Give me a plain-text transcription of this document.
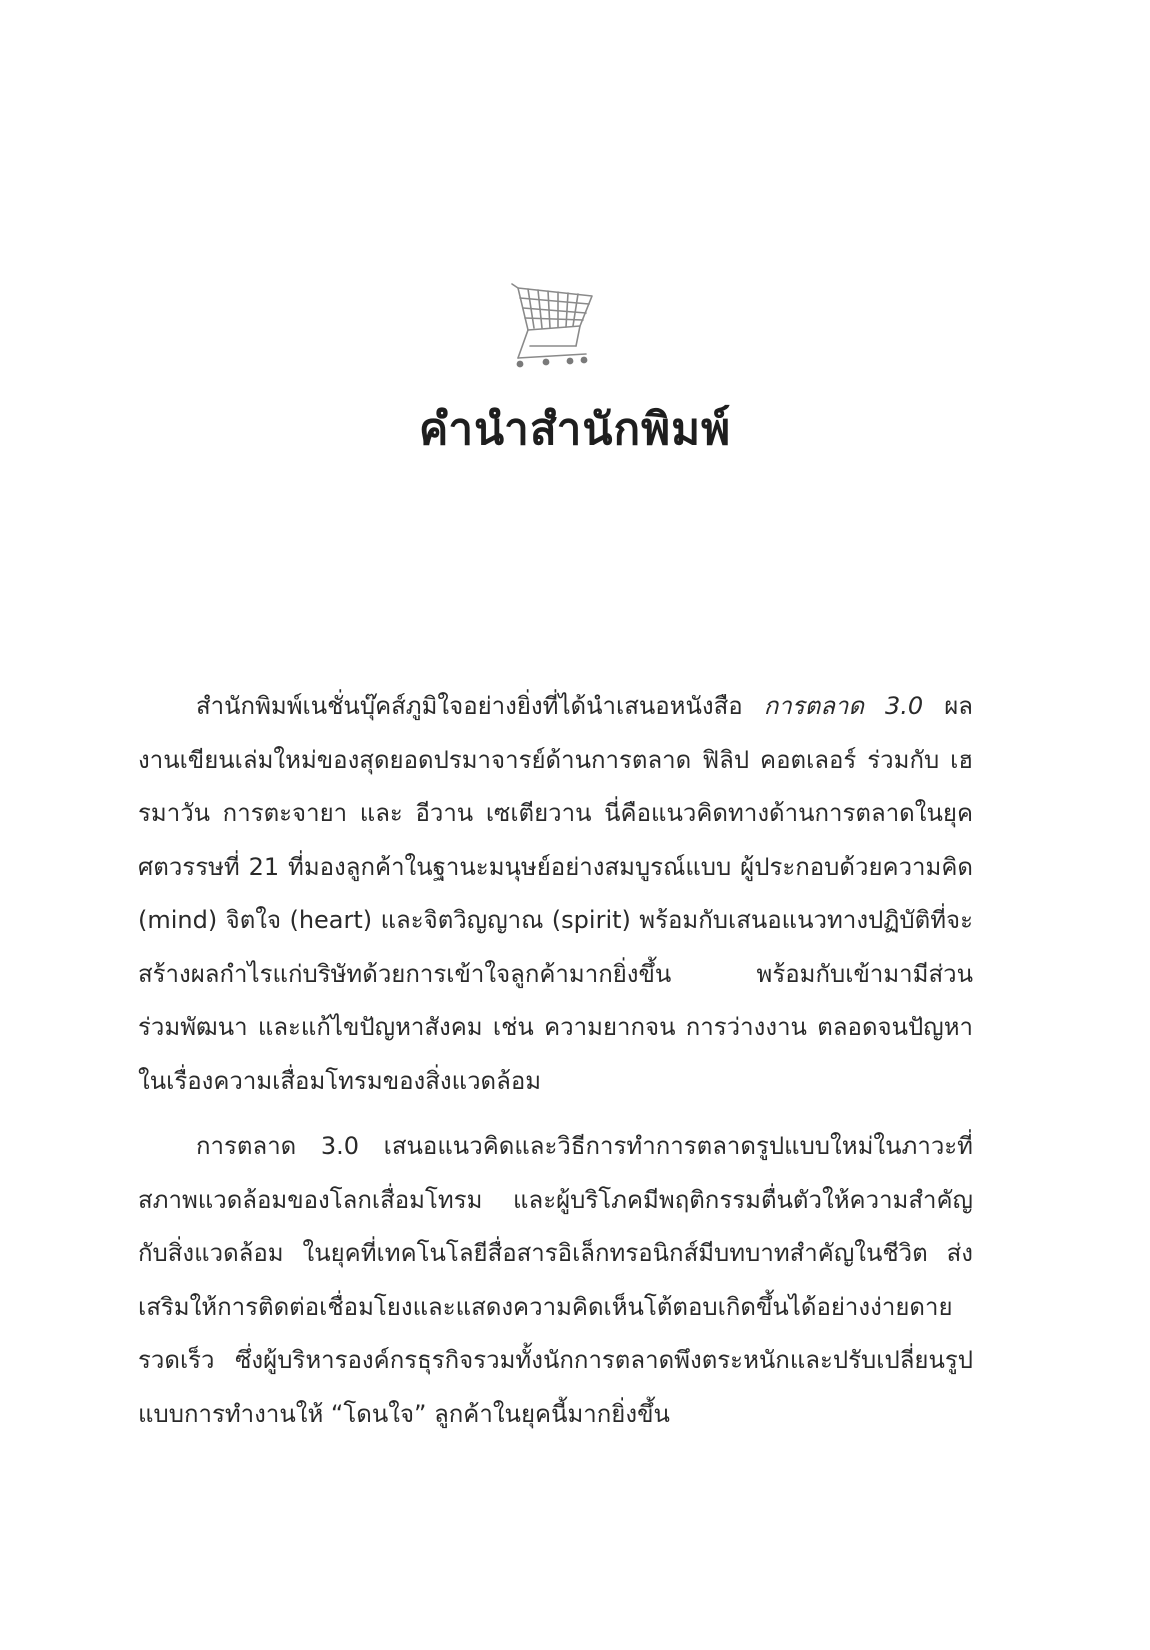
คำนำสำนักพิมพ์

สำนักพิมพ์เนชั่นบุ๊คส์ภูมิใจอย่างยิ่งที่ได้นำเสนอหนังสือ การตลาด 3.0 ผลงานเขียนเล่มใหม่ของสุดยอดปรมาจารย์ด้านการตลาด ฟิลิป คอตเลอร์ ร่วมกับ เฮรมาวัน การตะจายา และ อีวาน เซเตียวาน นี่คือแนวคิดทางด้านการตลาดในยุคศตวรรษที่ 21 ที่มองลูกค้าในฐานะมนุษย์อย่างสมบูรณ์แบบ ผู้ประกอบด้วยความคิด (mind) จิตใจ (heart) และจิตวิญญาณ (spirit) พร้อมกับเสนอแนวทางปฏิบัติที่จะสร้างผลกำไรแก่บริษัทด้วยการเข้าใจลูกค้ามากยิ่งขึ้น พร้อมกับเข้ามามีส่วนร่วมพัฒนา และแก้ไขปัญหาสังคม เช่น ความยากจน การว่างงาน ตลอดจนปัญหาในเรื่องความเสื่อมโทรมของสิ่งแวดล้อม

การตลาด 3.0 เสนอแนวคิดและวิธีการทำการตลาดรูปแบบใหม่ในภาวะที่สภาพแวดล้อมของโลกเสื่อมโทรม และผู้บริโภคมีพฤติกรรมตื่นตัวให้ความสำคัญกับสิ่งแวดล้อม ในยุคที่เทคโนโลยีสื่อสารอิเล็กทรอนิกส์มีบทบาทสำคัญในชีวิต ส่งเสริมให้การติดต่อเชื่อมโยงและแสดงความคิดเห็นโต้ตอบเกิดขึ้นได้อย่างง่ายดาย รวดเร็ว ซึ่งผู้บริหารองค์กรธุรกิจรวมทั้งนักการตลาดพึงตระหนักและปรับเปลี่ยนรูปแบบการทำงานให้ “โดนใจ” ลูกค้าในยุคนี้มากยิ่งขึ้น
